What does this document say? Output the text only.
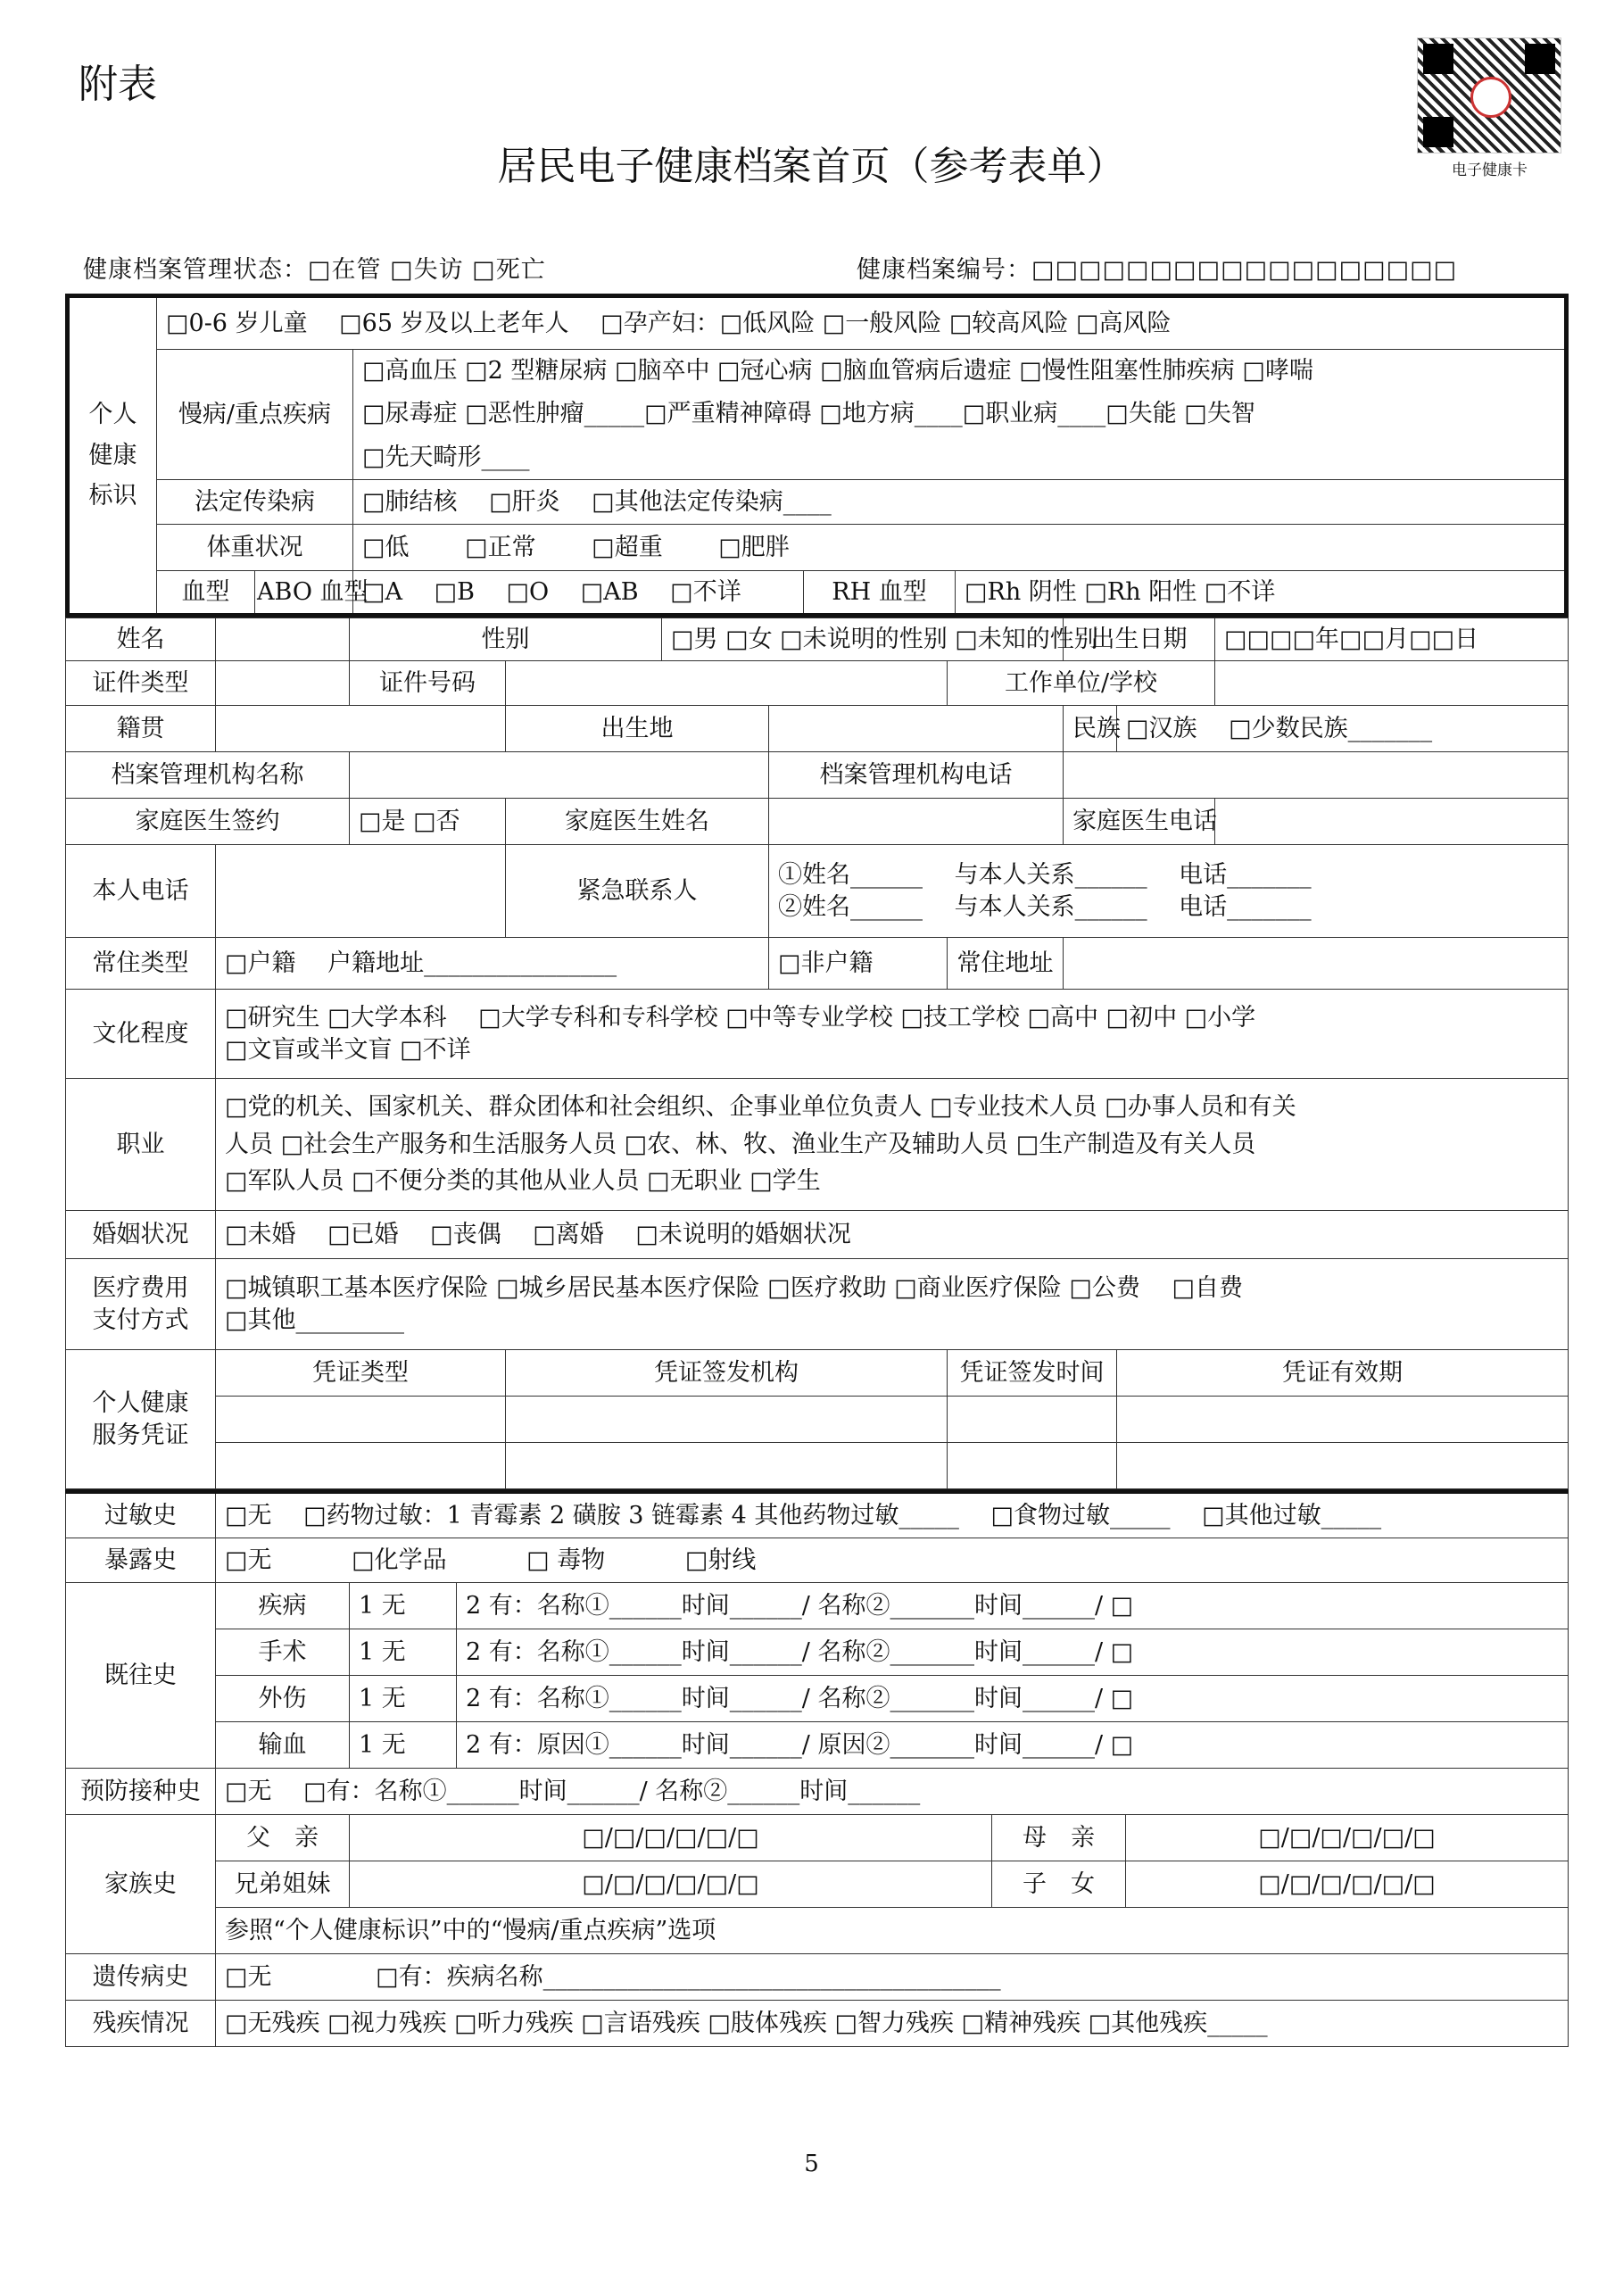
附表
电子健康卡
居民电子健康档案首页（参考表单）
健康档案管理状态：□在管 □失访 □死亡	健康档案编号：□□□□□□□□□□□□□□□□□□
个人健康标识	□0-6 岁儿童 　□65 岁及以上老年人 　□孕产妇：□低风险 □一般风险 □较高风险 □高风险				
	慢病/重点疾病		□高血压 □2 型糖尿病 □脑卒中 □冠心病 □脑血管病后遗症 □慢性阻塞性肺疾病 □哮喘		
			□尿毒症 □恶性肿瘤_____□严重精神障碍 □地方病____□职业病____□失能 □失智		
			□先天畸形____		
	法定传染病		□肺结核 　□肝炎 　□其他法定传染病____		
	体重状况		□低 　　□正常 　　□超重 　　□肥胖		
	血型	ABO 血型	□A 　□B 　□O 　□AB 　□不详	RH 血型	□Rh 阴性 □Rh 阳性 □不详
姓名		性别		□男 □女 □未说明的性别 □未知的性别			出生日期		□□□□年□□月□□日
证件类型		证件号码				工作单位/学校			
籍贯			出生地				民族	□汉族 　□少数民族_______	
档案管理机构名称					档案管理机构电话				
家庭医生签约		□是 □否	家庭医生姓名				家庭医生电话		
本人电话			紧急联系人		①姓名______ 　与本人关系______ 　电话_______
②姓名______ 　与本人关系______ 　电话_______				

常住类型	□户籍 　户籍地址________________				□非户籍	常住地址			
文化程度	□研究生 □大学本科 　□大学专科和专科学校 □中等专业学校 □技工学校 □高中 □初中 □小学
□文盲或半文盲 □不详								

职业	□党的机关、国家机关、群众团体和社会组织、企事业单位负责人 □专业技术人员 □办事人员和有关
人员 □社会生产服务和生活服务人员 □农、林、牧、渔业生产及辅助人员 □生产制造及有关人员
□军队人员 □不便分类的其他从业人员 □无职业 □学生								

婚姻状况	□未婚 　□已婚 　□丧偶 　□离婚 　□未说明的婚姻状况								
医疗费用支付方式	□城镇职工基本医疗保险 □城乡居民基本医疗保险 □医疗救助 □商业医疗保险 □公费 　□自费
□其他_________								

个人健康服务凭证	凭证类型		凭证签发机构			凭证签发时间		凭证有效期	

过敏史	□无 　□药物过敏：1 青霉素 2 磺胺 3 链霉素 4 其他药物过敏_____ 　□食物过敏_____ 　□其他过敏_____				
暴露史	□无 　　　□化学品 　　　□ 毒物 　　　□射线				
既往史	疾病	1 无	2 有：名称①______时间______/ 名称②_______时间______/ □		
	手术	1 无	2 有：名称①______时间______/ 名称②_______时间______/ □		
	外伤	1 无	2 有：名称①______时间______/ 名称②_______时间______/ □		
	输血	1 无	2 有：原因①______时间______/ 原因②_______时间______/ □		
预防接种史	□无 　□有：名称①______时间______/ 名称②______时间______				
家族史	父　亲	□/□/□/□/□/□		母　亲	□/□/□/□/□/□
	兄弟姐妹	□/□/□/□/□/□		子　女	□/□/□/□/□/□
	参照“个人健康标识”中的“慢病/重点疾病”选项				
遗传病史	□无 　　　　□有：疾病名称______________________________________				
残疾情况	□无残疾 □视力残疾 □听力残疾 □言语残疾 □肢体残疾 □智力残疾 □精神残疾 □其他残疾_____				
5
